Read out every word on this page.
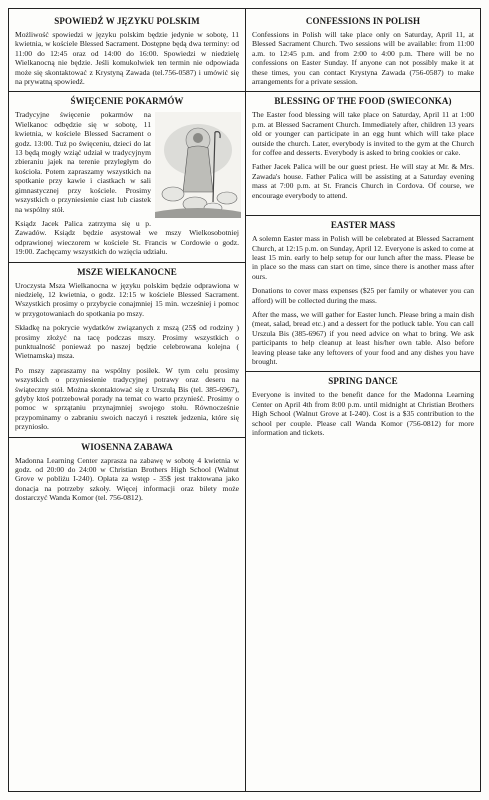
SPOWIEDŹ W JĘZYKU POLSKIM

Możliwość spowiedzi w języku polskim będzie jedynie w sobotę, 11 kwietnia, w kościele Blessed Sacrament. Dostępne będą dwa terminy: od 11:00 do 12:45 oraz od 14:00 do 16:00. Spowiedzi w niedzielę Wielkanocną nie będzie. Jeśli komukolwiek ten termin nie odpowiada może się skontaktować z Krystyną Zawada (tel.756-0587) i umówić się na prywatną spowiedź.

ŚWIĘCENIE POKARMÓW

Tradycyjne święcenie pokarmów na Wielkanoc odbędzie się w sobotę, 11 kwietnia, w kościele Blessed Sacrament o godz. 13:00. Tuż po święceniu, dzieci do lat 13 będą mogły wziąć udział w tradycyjnym zbieraniu jajek na terenie przyległym do kościoła. Potem zapraszamy wszystkich na spotkanie przy kawie i ciastkach w sali gimnastycznej przy kościele. Prosimy wszystkich o przyniesienie ciast lub ciastek na wspólny stół.

Ksiądz Jacek Palica zatrzyma się u p. Zawadów. Ksiądz będzie asystował we mszy Wielkosobotniej odprawionej wieczorem w kościele St. Francis w Cordowie o godz. 19:00. Zachęcamy wszystkich do wzięcia udziału.

MSZE WIELKANOCNE

Uroczysta Msza Wielkanocna w języku polskim będzie odprawiona w niedzielę, 12 kwietnia, o godz. 12:15 w kościele Blessed Sacrament. Wszystkich prosimy o przybycie conajmniej 15 min. wcześniej i pomoc w przygotowaniach do spotkania po mszy.

Składkę na pokrycie wydatków związanych z mszą (25$ od rodziny ) prosimy złożyć na tacę podczas mszy. Prosimy wszystkich o punktualność ponieważ po naszej będzie celebrowana kolejna ( Wietnamska) msza.

Po mszy zapraszamy na wspólny posiłek. W tym celu prosimy wszystkich o przyniesienie tradycyjnej potrawy oraz deseru na świąteczny stół. Można skontaktować się z Urszulą Bis (tel. 385-6967), gdyby ktoś potrzebował porady na temat co warto przynieść. Prosimy o pomoc w sprzątaniu przynajmniej swojego stołu. Równocześnie przypominamy o zabraniu swoich naczyń i resztek jedzenia, które się przyniosło.

WIOSENNA ZABAWA

Madonna Learning Center zaprasza na zabawę w sobotę 4 kwietnia w godz. od 20:00 do 24:00 w Christian Brothers High School (Walnut Grove w pobliżu I-240). Opłata za wstęp - 35$ jest traktowana jako donacja na potrzeby szkoły. Więcej informacji oraz bilety może dostarczyć Wanda Komor (tel. 756-0812).

CONFESSIONS IN POLISH

Confessions in Polish will take place only on Saturday, April 11, at Blessed Sacrament Church. Two sessions will be available: from 11:00 a.m. to 12:45 p.m. and from 2:00 to 4:00 p.m. There will be no confessions on Easter Sunday. If anyone can not possibly make it at these times, you can contact Krystyna Zawada (756-0587) to make arrangements for a private session.

BLESSING OF THE FOOD (SWIECONKA)

The Easter food blessing will take place on Saturday, April 11 at 1:00 p.m. at Blessed Sacrament Church. Immediately after, children 13 years old or younger can participate in an egg hunt which will take place outside the church. Later, everybody is invited to the gym at the Church for coffee and desserts. Everybody is asked to bring cookies or cake.

Father Jacek Palica will be our guest priest. He will stay at Mr. & Mrs. Zawada's house. Father Palica will be assisting at a Saturday evening mass at 7:00 p.m. at St. Francis Church in Cordova. Of course, we encourage everybody to attend.

EASTER MASS

A solemn Easter mass in Polish will be celebrated at Blessed Sacrament Church, at 12:15 p.m. on Sunday, April 12. Everyone is asked to come at least 15 min. early to help setup for our lunch after the mass. Please be in place so the mass can start on time, since there is another mass after ours.

Donations to cover mass expenses ($25 per family or whatever you can afford) will be collected during the mass.

After the mass, we will gather for Easter lunch. Please bring a main dish (meat, salad, bread etc.) and a dessert for the potluck table. You can call Urszula Bis (385-6967) if you need advice on what to bring. We ask participants to help cleanup at least his/her own table. Also before leaving please take any leftovers of your food and any dishes you have brought.

SPRING DANCE

Everyone is invited to the benefit dance for the Madonna Learning Center on April 4th from 8:00 p.m. until midnight at Christian Brothers High School (Walnut Grove at I-240). Cost is a $35 contribution to the school per couple. Please call Wanda Komor (756-0812) for more information and tickets.
